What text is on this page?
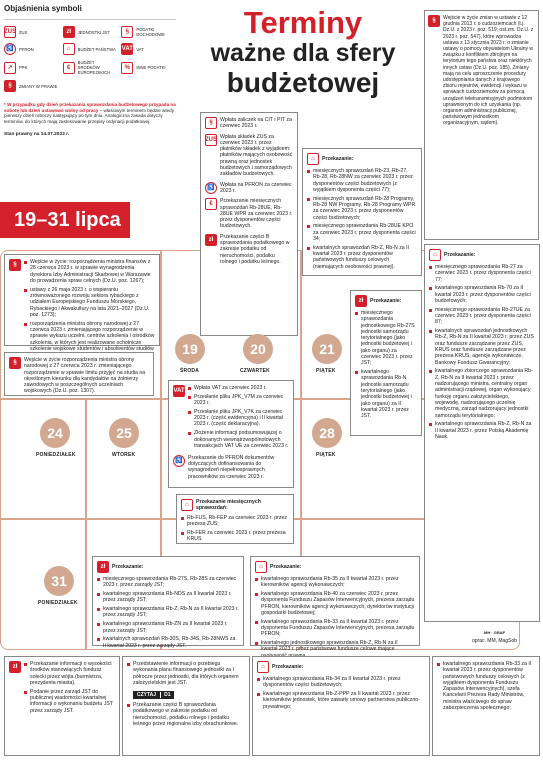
Objaśnienia symboli
ZUS ZUS	zł	JEDNOSTKI JST	§	PODATKI DOCHODOWE
♿	PFRON	⌂	BUDŻET PAŃSTWA VAT VAT
↗	PPK	€
BUDŻET ŚRODKÓW EUROPEJSKICH
%	INNE PODATKI
§	ZMIANY W PRAWIE
* W przypadku gdy dzień przekazania sprawozdania budżetowego przypada na sobotę lub dzień ustawowo wolny od pracy – właściwym terminem będzie wtedy pierwszy dzień roboczy następujący po tym dniu. Analogiczna zasada dotyczy terminów, do których mają zastosowanie przepisy ordynacji podatkowej.
Stan prawny na 14.07.2023 r.
Terminy
ważne dla sfery
budżetowej
§	Wejście w życie zmian w ustawie z 12 grudnia 2013 r. o cudzoziemcach (t.j. Dz.U. z 2023 r. poz. 519; ost.zm. Dz.U. z 2023 r. poz. 547), które wprowadza ustawa z 13 stycznia 2023 r. o zmianie ustawy o pomocy obywatelom Ukrainy w związku z konfliktem zbrojnym na terytorium tego państwa oraz niektórych innych ustaw (Dz.U. poz. 185). Zmiany mają na celu uproszczenie procedury udostępniania danych z krajowego zbioru rejestrów, ewidencji i wykazu w sprawach cudzoziemców za pomocą urządzeń teletransmisyjnych podmiotom uprawnionym do ich uzyskania (np. organom administracji publicznej, państwowym jednostkom organizacyjnym, sądom).
19–31 lipca
§	Wpłata zaliczek na CIT i PIT za czerwiec 2023 r.
ZUS Wpłata składek ZUS za czerwiec 2023 r. przez płatników składek z wyjątkiem: płatników mających osobowość prawną oraz jednostek budżetowych i samorządowych zakładów budżetowych.
♿	Wpłata na PFRON za czerwiec 2023 r.
€	Przekazanie miesięcznych sprawozdań Rb-28UE, Rb-28UE WPR za czerwiec 2023 r. przez dysponentów części budżetowych.
zł	Przekazanie części B sprawozdania podatkowego w zakresie podatku od nieruchomości, podatku rolnego i podatku leśnego.
⌂	Przekazanie:
miesięcznych sprawozdań Rb-23, Rb-27, Rb-28, Rb-28NW za czerwiec 2023 r. przez dysponentów części budżetowych (z wyjątkiem dysponenta części 77);
miesięcznych sprawozdań Rb-28 Programy, Rb-28 NW Programy, Rb-28 Programy WPR za czerwiec 2023 r. przez dysponentów części budżetowych;
miesięcznego sprawozdania Rb-28UE KPO za czerwiec 2023 r. przez dysponenta części 34;
kwartalnych sprawozdań Rb-Z, Rb-N za II kwartał 2023 r. przez dysponentów państwowych funduszy celowych (niemających osobowości prawnej).
zł	Przekazanie:
miesięcznego sprawozdania jednostkowego Rb-27S jednostki samorządu terytorialnego (jako jednostki budżetowej i jako organu) za czerwiec 2023 r. przez JST;
kwartalnego sprawozdania Rb-N jednostki samorządu terytorialnego (jako jednostki budżetowej i jako organu) za II kwartał 2023 r. przez JST.
§	Wejście w życie: rozporządzenia ministra finansów z 28 czerwca 2023 r. w sprawie wynagrodzenia dyrektora Izby Administracji Skarbowej w Warszawie do prowadzenia spraw celnych (Dz.U. poz. 1267);
ustawy z 26 maja 2023 r. o wspieraniu zrównoważonego rozwoju sektora rybackiego z udziałem Europejskiego Funduszu Morskiego, Rybackiego i Akwakultury na lata 2021–2027 (Dz.U. poz. 1273);
rozporządzenia ministra obrony narodowej z 27 czerwca 2023 r. zmieniającego rozporządzenie w sprawie wykazu uczelni, centrów szkolenia i ośrodków szkolenia, w których jest realizowane ochotnicze szkolenie wojskowe studentów i absolwentów studiów
§	Wejście w życie rozporządzenia ministra obrony narodowej z 27 czerwca 2023 r. zmieniającego rozporządzenie w sprawie limitu przyjęć na studia na określonym kierunku dla kandydatów na żołnierzy zawodowych w poszczególnych uczelniach wojskowych (Dz.U. poz. 1307).
19
ŚRODA
20
CZWARTEK
21
PIĄTEK
24
PONIEDZIAŁEK
25
WTOREK
28
PIĄTEK
31
PONIEDZIAŁEK
VAT	Wpłata VAT za czerwiec 2023 r.
Przesłanie pliku JPK_V7M za czerwiec 2023 r.
Przesłanie pliku JPK_V7K za czerwiec 2023 r. (część ewidencyjna) i II kwartał 2023 r. (część deklaracyjna).
Złożenie informacji podsumowującej o dokonanych wewnątrzwspólnotowych transakcjach VAT UE za czerwiec 2023 r.
♿	Przekazanie do PFRON dokumentów dotyczących dofinansowania do wynagrodzeń niepełnosprawnych pracowników za czerwiec 2023 r.
⌂
Przekazanie miesięcznych sprawozdań:
Rb-FUS, Rb-FEP za czerwiec 2023 r. przez prezesa ZUS;
Rb-FER za czerwiec 2023 r. przez prezesa KRUS.
⌂	Przekazanie:
miesięcznego sprawozdania Rb-27 za czerwiec 2023 r. przez dysponenta części 77;
kwartalnego sprawozdania Rb-70 za II kwartał 2023 r. przez dysponentów części budżetowych;
miesięcznego sprawozdania Rb-27UE za czerwiec 2023 r. przez dysponenta części 87;
kwartalnych sprawozdań jednostkowych Rb-Z, Rb-N za II kwartał 2023 r. przez ZUS oraz fundusze zarządzane przez ZUS, KRUS oraz fundusze zarządzane przez prezesa KRUS, agencje wykonawcze, Bankowy Fundusz Gwarancyjny;
kwartalnego zbiorczego sprawozdania Rb-Z, Rb-N za II kwartał 2023 r. przez nadzorującego ministra, centralny organ administracji rządowej, organ wykonujący funkcję organu założycielskiego, wojewodę, nadzorującego uczelnię medyczną, zarząd nadzorujący jednostki samorządu terytorialnego;
kwartalnego sprawozdania Rb-Z, Rb-N za II kwartał 2023 r. przez Polską Akademię Nauk.
zł	Przekazanie:
miesięcznego sprawozdania Rb-27S, Rb-28S za czerwiec 2023 r. przez zarządy JST;
kwartalnego sprawozdania Rb-NDS za II kwartał 2023 r. przez zarządy JST;
kwartalnego sprawozdania Rb-Z, Rb-N za II kwartał 2023 r. przez zarządy JST;
kwartalnego sprawozdania Rb-ZN za II kwartał 2023 r. przez zarządy JST;
kwartalnych sprawozdań Rb-30S, Rb-34S, Rb-28NWS za II kwartał 2023 r. przez zarządy JST.
⌂	Przekazanie:
kwartalnego sprawozdania Rb-35 za II kwartał 2023 r. przez kierowników agencji wykonawczych;
kwartalnego sprawozdania Rb-40 za czerwiec 2023 r. przez dysponenta Funduszu Zapasów Interwencyjnych, prezesa zarządu PFRON, kierowników agencji wykonawczych, dyrektorów instytucji gospodarki budżetowej;
kwartalnego sprawozdania Rb-33 za II kwartał 2023 r. przez dysponenta Funduszu Zapasów Interwencyjnych, prezesa zarządu PFRON;
kwartalnego jednostkowego sprawozdania Rb-Z, Rb-N za II kwartał 2023 r. przez państwowe fundusze celowe mające
MH · GRAF
oprac. MM, MagSob
zł	Przekazanie informacji o wysokości środków stanowiących fundusz sołecki przez wójta (burmistrza, prezydenta miasta).
Podanie przez zarząd JST do publicznej wiadomości kwartalnej informacji o wykonaniu budżetu JST przez zarządy JST.
Przedstawienie informacji o przebiegu wykonania planu finansowego jednostki za I półrocze przez jednostki, dla których organem założycielskim jest JST.
CZYTAJ	D1
Przekazanie części B sprawozdania podatkowego w zakresie podatku od nieruchomości, podatku rolnego i podatku leśnego przez regionalne izby obrachunkowe.
⌂	Przekazanie:
kwartalnego sprawozdania Rb-34 za II kwartał 2023 r. przez dysponentów części budżetowych;
kwartalnego sprawozdania Rb-Z-PPP za II kwartał 2023 r. przez kierowników jednostek, które zawarły umowy partnerstwa publiczno-prywatnego;
kwartalnego sprawozdania Rb-33 za II kwartał 2023 r. przez dysponentów państwowych funduszy celowych (z wyjątkiem dysponenta Funduszu Zapasów Interwencyjnych), szefa Kancelarii Prezesa Rady Ministrów, ministra właściwego do spraw zabezpieczenia społecznego;
